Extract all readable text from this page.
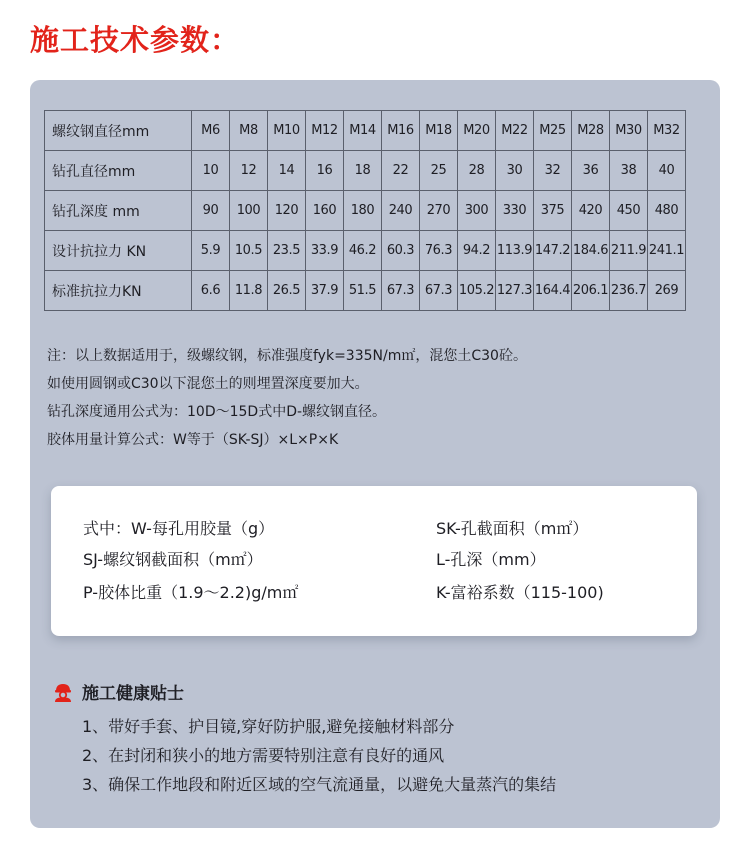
施工技术参数：
螺纹钢直径mm	M6	M8	M10	M12	M14	M16	M18	M20	M22	M25	M28	M30	M32
钻孔直径mm	10	12	14	16	18	22	25	28	30	32	36	38	40
钻孔深度 mm	90	100	120	160	180	240	270	300	330	375	420	450	480
设计抗拉力 KN	5.9	10.5	23.5	33.9	46.2	60.3	76.3	94.2	113.9	147.2	184.6	211.9	241.1
标准抗拉力KN	6.6	11.8	26.5	37.9	51.5	67.3	67.3	105.2	127.3	164.4	206.1	236.7	269
注：以上数据适用于，级螺纹钢，标准强度fyk=335N/m㎡，混您土C30砼。
如使用圆钢或C30以下混您土的则埋置深度要加大。
钻孔深度通用公式为：10D～15D式中D-螺纹钢直径。
胶体用量计算公式：W等于（SK-SJ）×L×P×K
式中：W-每孔用胶量（g）	SK-孔截面积（m㎡）
SJ-螺纹钢截面积（m㎡）	L-孔深（mm）
P-胶体比重（1.9～2.2)g/m㎡	K-富裕系数（115-100)
施工健康贴士
1、带好手套、护目镜,穿好防护服,避免接触材料部分
2、在封闭和狭小的地方需要特别注意有良好的通风
3、确保工作地段和附近区域的空气流通量，以避免大量蒸汽的集结
